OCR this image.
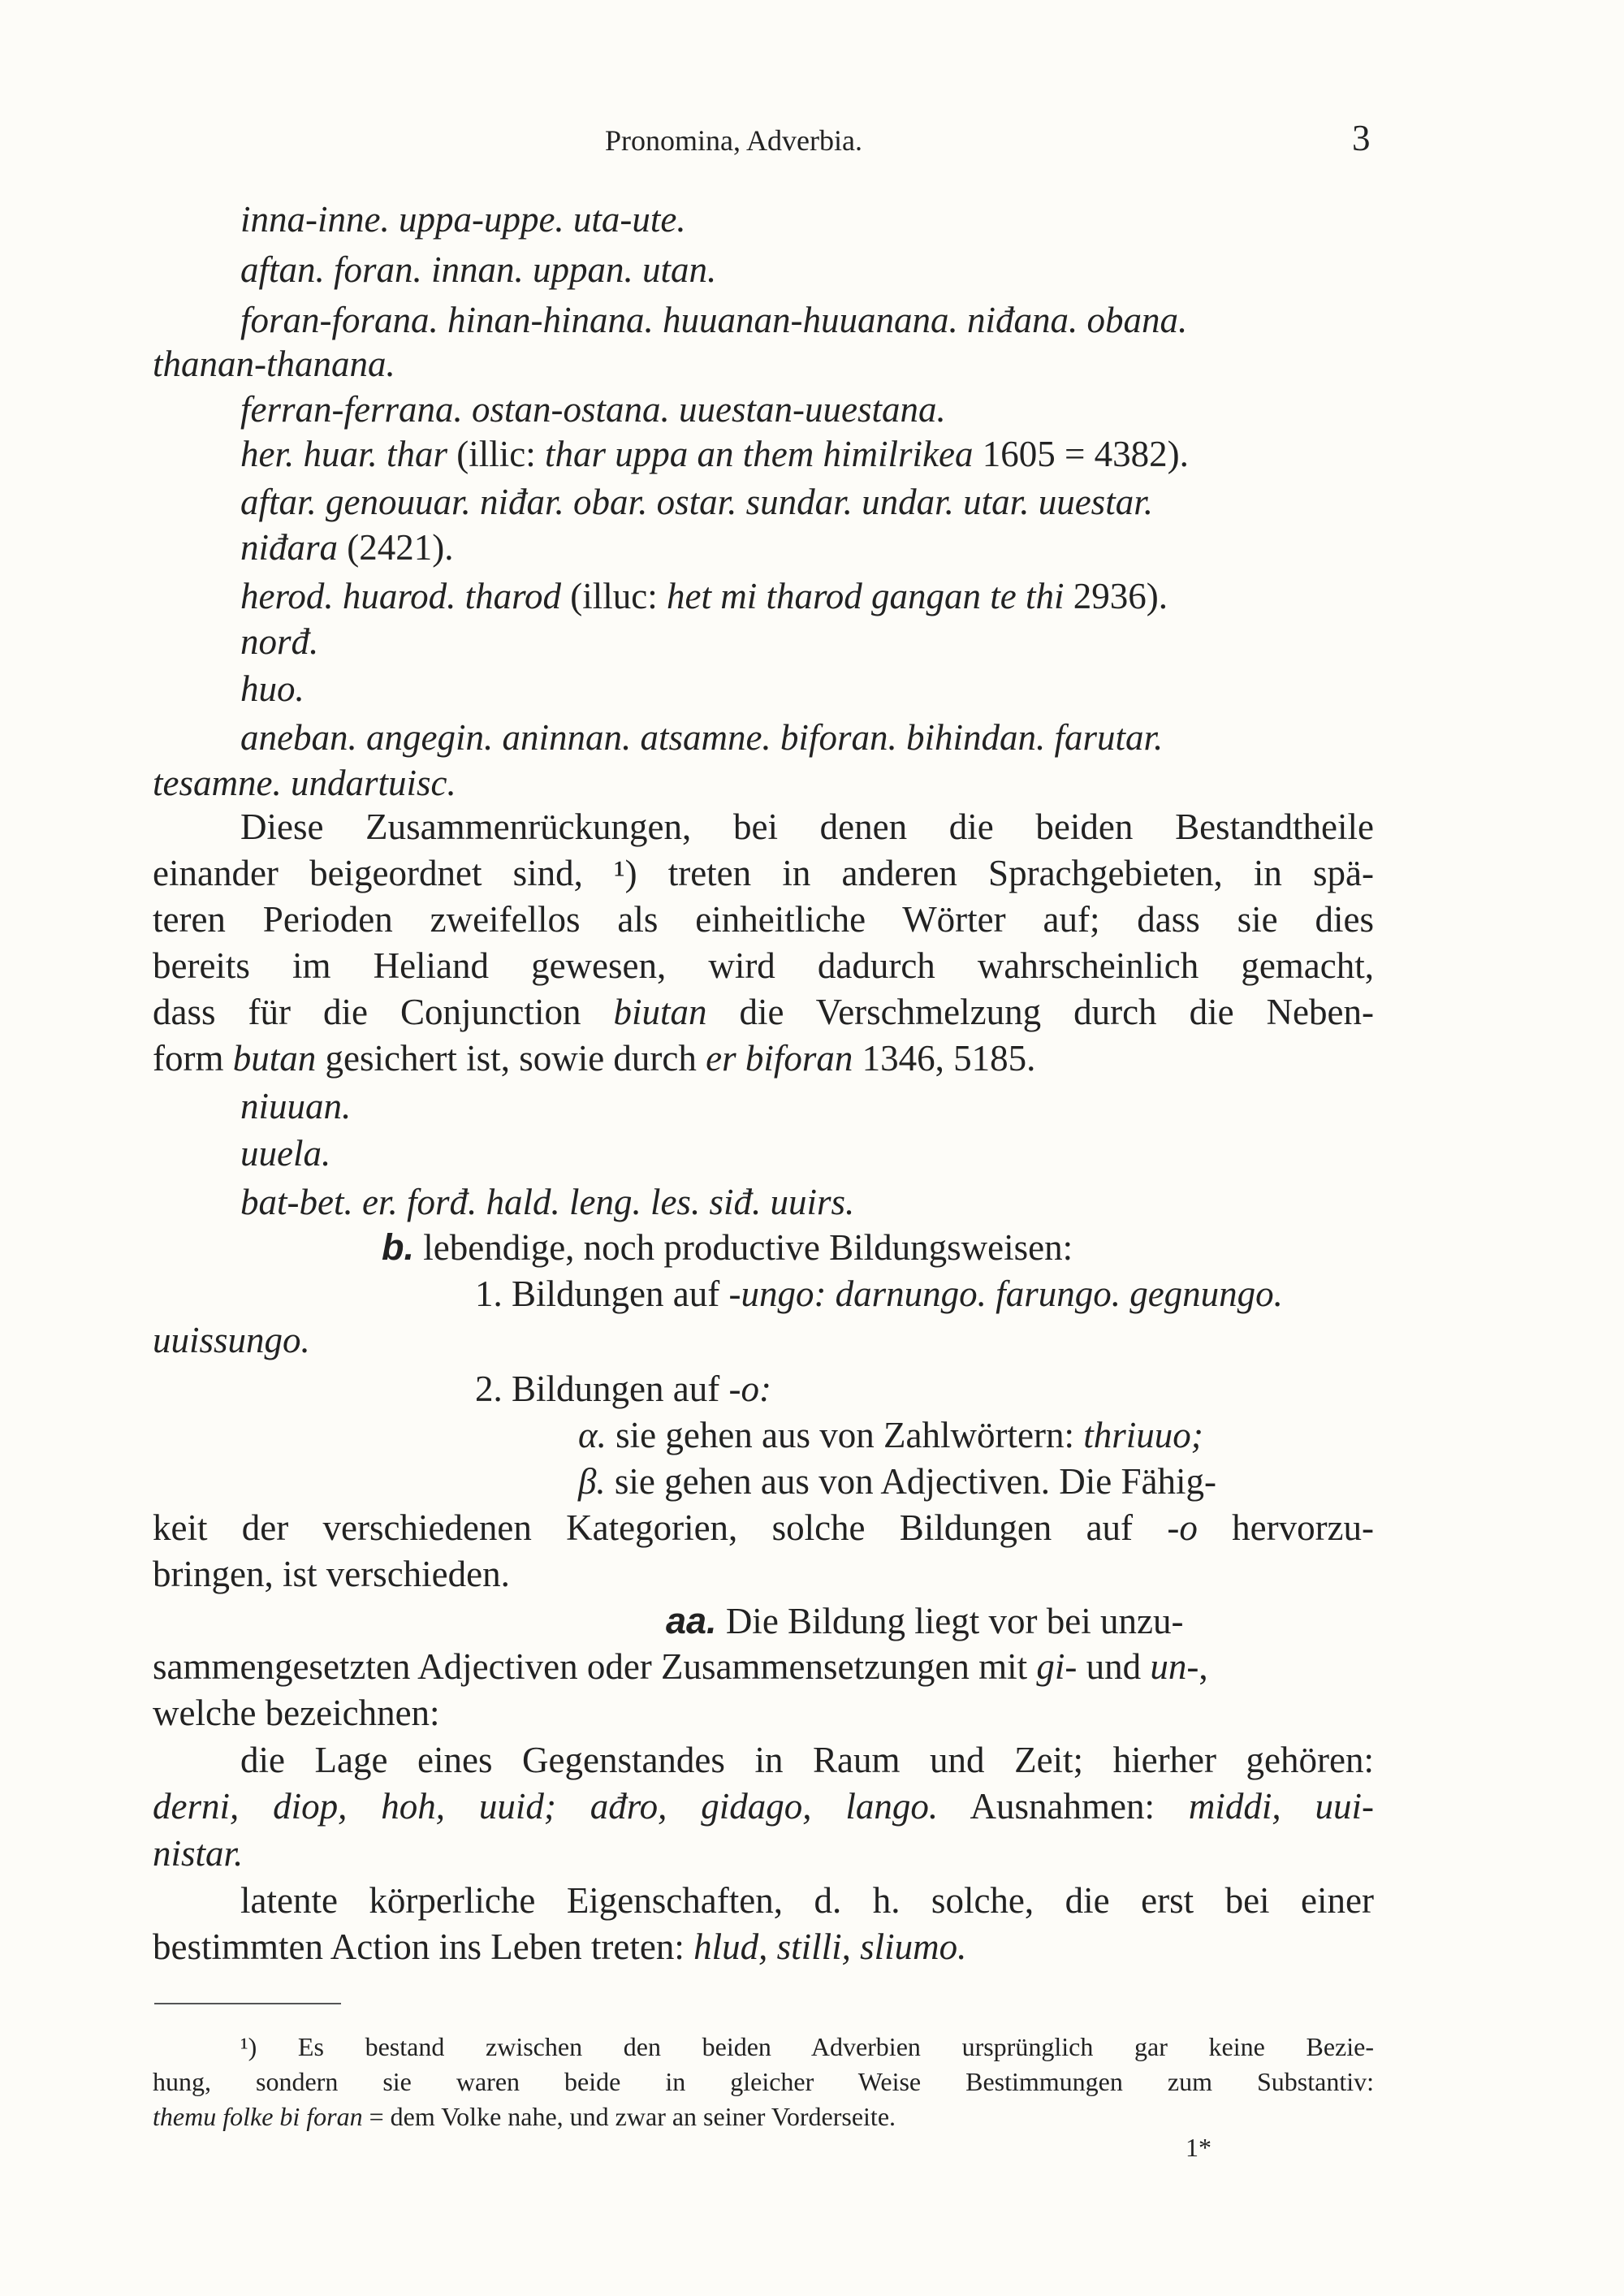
Pronomina, Adverbia.	3
inna-inne. uppa-uppe. uta-ute.
aftan. foran. innan. uppan. utan.
foran-forana. hinan-hinana. huuanan-huuanana. niđana. obana.
thanan-thanana.
ferran-ferrana. ostan-ostana. uuestan-uuestana.
her. huar. thar (illic: thar uppa an them himilrikea 1605 = 4382).
aftar. genouuar. niđar. obar. ostar. sundar. undar. utar. uuestar.
niđara (2421).
herod. huarod. tharod (illuc: het mi tharod gangan te thi 2936).
norđ.
huo.
anebаn. angegin. aninnan. atsamne. biforan. bihindan. farutar.
tesamne. undartuisc.
Diese Zusammenrückungen, bei denen die beiden Bestandtheile
einander beigeordnet sind, ¹) treten in anderen Sprachgebieten, in spä-
teren Perioden zweifellos als einheitliche Wörter auf; dass sie dies
bereits im Heliand gewesen, wird dadurch wahrscheinlich gemacht,
dass für die Conjunction biutan die Verschmelzung durch die Neben-
form butan gesichert ist, sowie durch er biforan 1346, 5185.
niuuan.
uuela.
bat-bet. er. forđ. hald. leng. les. siđ. uuirs.
b. lebendige, noch productive Bildungsweisen:
1. Bildungen auf -ungo: darnungo. farungo. gegnungo.
uuissungo.
2. Bildungen auf -o:
α. sie gehen aus von Zahlwörtern: thriuuo;
β. sie gehen aus von Adjectiven. Die Fähig-
keit der verschiedenen Kategorien, solche Bildungen auf -o hervorzu-
bringen, ist verschieden.
aa. Die Bildung liegt vor bei unzu-
sammengesetzten Adjectiven oder Zusammensetzungen mit gi- und un-,
welche bezeichnen:
die Lage eines Gegenstandes in Raum und Zeit; hierher gehören:
derni, diop, hoh, uuid; ađro, gidago, lango. Ausnahmen: middi, uui-
nistar.
latente körperliche Eigenschaften, d. h. solche, die erst bei einer
bestimmten Action ins Leben treten: hlud, stilli, sliumo.
¹) Es bestand zwischen den beiden Adverbien ursprünglich gar keine Bezie-
hung, sondern sie waren beide in gleicher Weise Bestimmungen zum Substantiv:
themu folke bi foran = dem Volke nahe, und zwar an seiner Vorderseite.
1*
